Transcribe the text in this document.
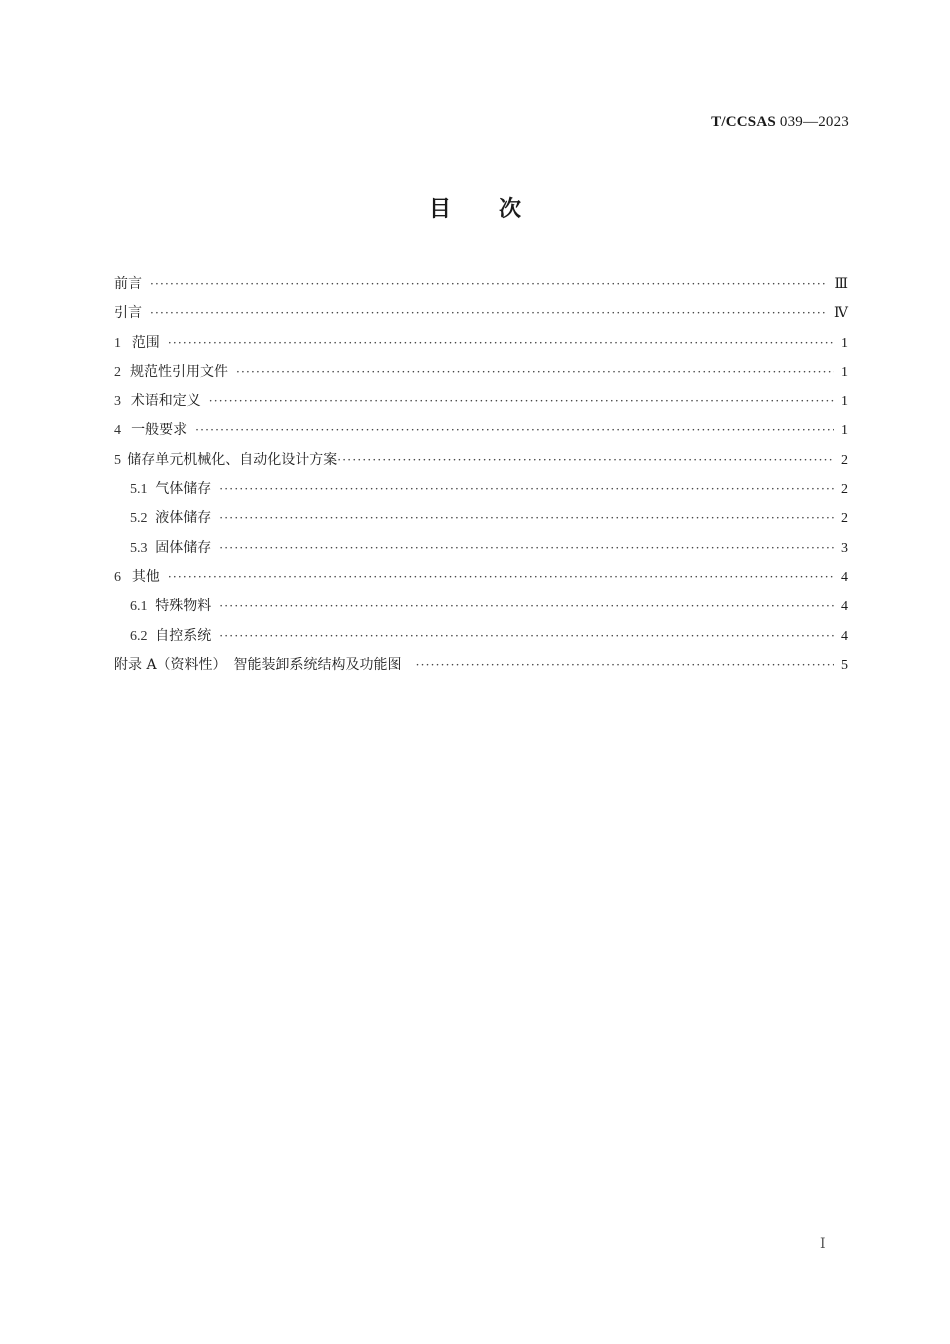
T/CCSAS 039—2023
目次
前言 ·····	Ⅲ
引言 ·····	Ⅳ
1 范围 ·····	1
2 规范性引用文件 ·····	1
3 术语和定义 ·····	1
4 一般要求 ·····	1
5 储存单元机械化、自动化设计方案 ·····	2
5.1 气体储存 ·····	2
5.2 液体储存 ·····	2
5.3 固体储存 ·····	3
6 其他 ·····	4
6.1 特殊物料 ·····	4
6.2 自控系统 ·····	4
附录 A（资料性）　智能装卸系统结构及功能图 ·····	5
Ⅰ
